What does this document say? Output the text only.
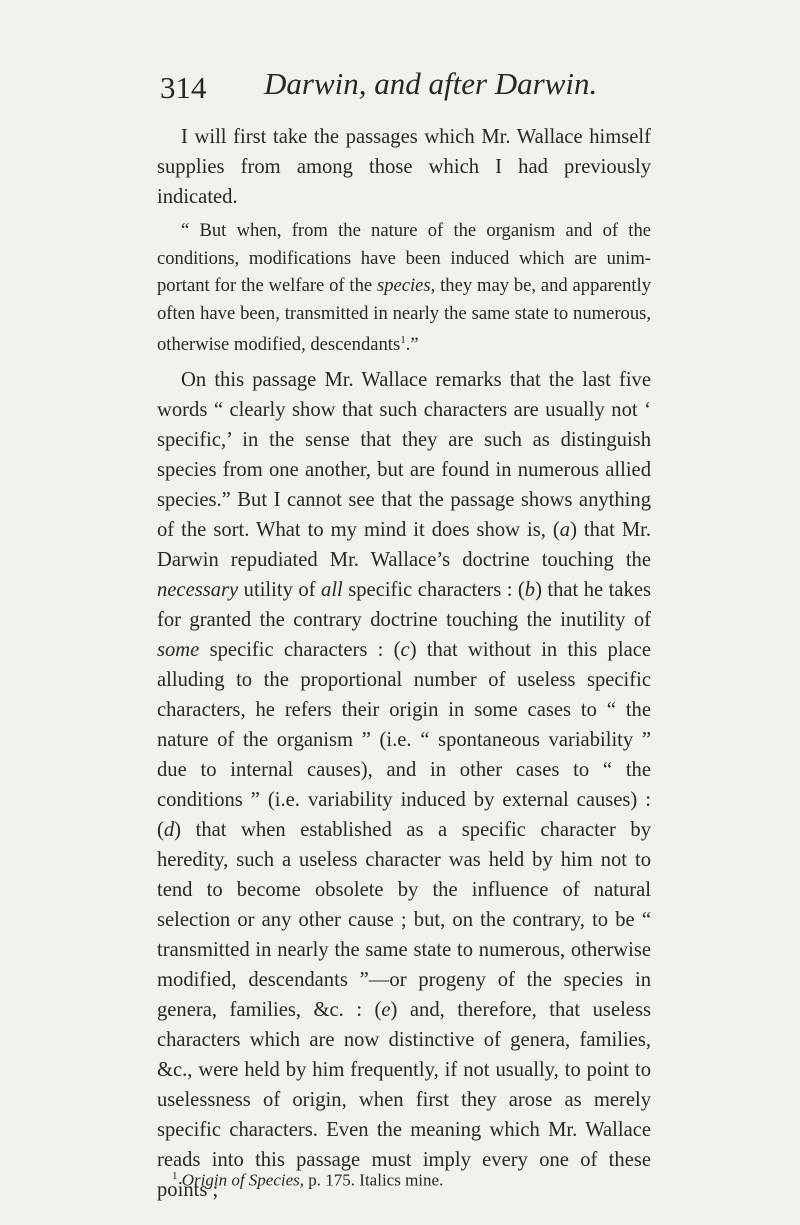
314 Darwin, and after Darwin.

I will first take the passages which Mr. Wallace himself supplies from among those which I had previously indicated.

“ But when, from the nature of the organism and of the conditions, modifications have been induced which are unimportant for the welfare of the species, they may be, and apparently often have been, transmitted in nearly the same state to numerous, otherwise modified, descendants$^1$.”

On this passage Mr. Wallace remarks that the last five words “ clearly show that such characters are usually not ‘ specific,’ in the sense that they are such as distinguish species from one another, but are found in numerous allied species.” But I cannot see that the passage shows anything of the sort. What to my mind it does show is, (a) that Mr. Darwin repudiated Mr. Wallace’s doctrine touching the necessary utility of all specific characters : (b) that he takes for granted the contrary doctrine touching the inutility of some specific characters : (c) that without in this place alluding to the proportional number of useless specific characters, he refers their origin in some cases to “ the nature of the organism ” (i.e. “ spontaneous variability ” due to internal causes), and in other cases to “ the conditions ” (i.e. variability induced by external causes) : (d) that when established as a specific character by heredity, such a useless character was held by him not to tend to become obsolete by the influence of natural selection or any other cause ; but, on the contrary, to be “ transmitted in nearly the same state to numerous, otherwise modified, descendants ”—or progeny of the species in genera, families, &c. : (e) and, therefore, that useless characters which are now distinctive of genera, families, &c., were held by him frequently, if not usually, to point to uselessness of origin, when first they arose as merely specific characters. Even the meaning which Mr. Wallace reads into this passage must imply every one of these points ;

$^1$ Origin of Species, p. 175. Italics mine.
